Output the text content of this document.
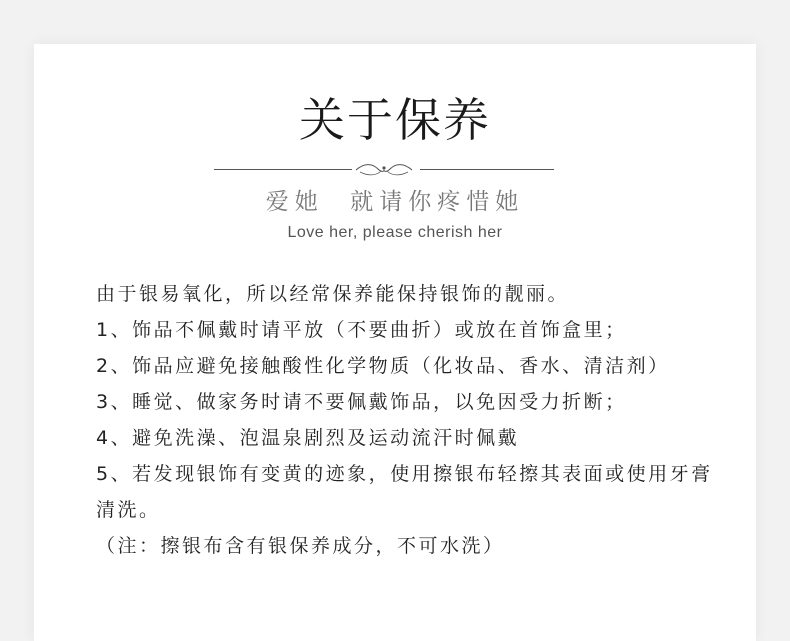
关于保养
爱她  就请你疼惜她
Love her, please cherish her

由于银易氧化，所以经常保养能保持银饰的靓丽。

1、饰品不佩戴时请平放（不要曲折）或放在首饰盒里；

2、饰品应避免接触酸性化学物质（化妆品、香水、清洁剂）

3、睡觉、做家务时请不要佩戴饰品，以免因受力折断；

4、避免洗澡、泡温泉剧烈及运动流汗时佩戴

5、若发现银饰有变黄的迹象，使用擦银布轻擦其表面或使用牙膏清洗。

（注：擦银布含有银保养成分，不可水洗）
